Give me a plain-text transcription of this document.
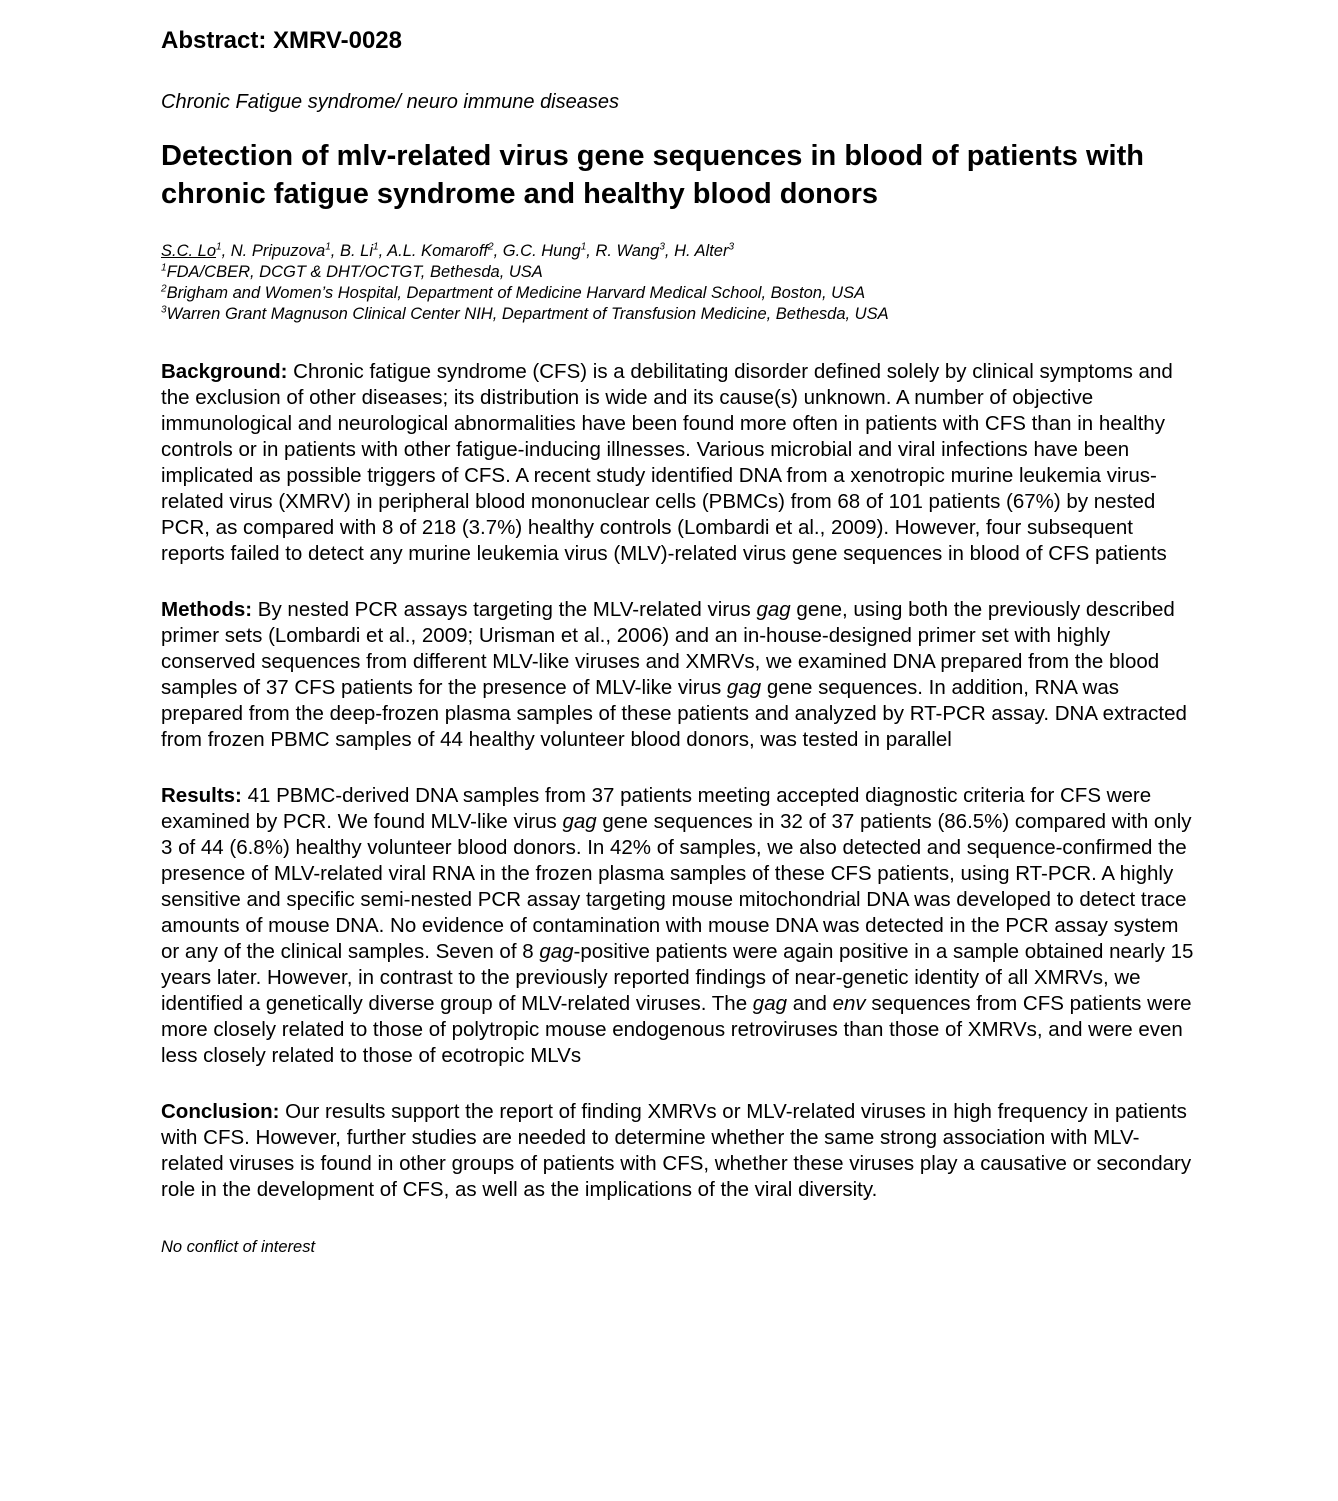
Abstract: XMRV-0028
Chronic Fatigue syndrome/ neuro immune diseases
Detection of mlv-related virus gene sequences in blood of patients with chronic fatigue syndrome and healthy blood donors
S.C. Lo$^1$, N. Pripuzova$^1$, B. Li$^1$, A.L. Komaroff$^2$, G.C. Hung$^1$, R. Wang$^3$, H. Alter$^3$
$^1$FDA/CBER, DCGT & DHT/OCTGT, Bethesda, USA
$^2$Brigham and Women’s Hospital, Department of Medicine Harvard Medical School, Boston, USA
$^3$Warren Grant Magnuson Clinical Center NIH, Department of Transfusion Medicine, Bethesda, USA

Background: Chronic fatigue syndrome (CFS) is a debilitating disorder defined solely by clinical symptoms and the exclusion of other diseases; its distribution is wide and its cause(s) unknown. A number of objective immunological and neurological abnormalities have been found more often in patients with CFS than in healthy controls or in patients with other fatigue-inducing illnesses. Various microbial and viral infections have been implicated as possible triggers of CFS. A recent study identified DNA from a xenotropic murine leukemia virus-related virus (XMRV) in peripheral blood mononuclear cells (PBMCs) from 68 of 101 patients (67%) by nested PCR, as compared with 8 of 218 (3.7%) healthy controls (Lombardi et al., 2009). However, four subsequent reports failed to detect any murine leukemia virus (MLV)-related virus gene sequences in blood of CFS patients

Methods: By nested PCR assays targeting the MLV-related virus gag gene, using both the previously described primer sets (Lombardi et al., 2009; Urisman et al., 2006) and an in-house-designed primer set with highly conserved sequences from different MLV-like viruses and XMRVs, we examined DNA prepared from the blood samples of 37 CFS patients for the presence of MLV-like virus gag gene sequences. In addition, RNA was prepared from the deep-frozen plasma samples of these patients and analyzed by RT-PCR assay. DNA extracted from frozen PBMC samples of 44 healthy volunteer blood donors, was tested in parallel

Results: 41 PBMC-derived DNA samples from 37 patients meeting accepted diagnostic criteria for CFS were examined by PCR. We found MLV-like virus gag gene sequences in 32 of 37 patients (86.5%) compared with only 3 of 44 (6.8%) healthy volunteer blood donors. In 42% of samples, we also detected and sequence-confirmed the presence of MLV-related viral RNA in the frozen plasma samples of these CFS patients, using RT-PCR. A highly sensitive and specific semi-nested PCR assay targeting mouse mitochondrial DNA was developed to detect trace amounts of mouse DNA. No evidence of contamination with mouse DNA was detected in the PCR assay system or any of the clinical samples. Seven of 8 gag-positive patients were again positive in a sample obtained nearly 15 years later. However, in contrast to the previously reported findings of near-genetic identity of all XMRVs, we identified a genetically diverse group of MLV-related viruses. The gag and env sequences from CFS patients were more closely related to those of polytropic mouse endogenous retroviruses than those of XMRVs, and were even less closely related to those of ecotropic MLVs

Conclusion: Our results support the report of finding XMRVs or MLV-related viruses in high frequency in patients with CFS. However, further studies are needed to determine whether the same strong association with MLV-related viruses is found in other groups of patients with CFS, whether these viruses play a causative or secondary role in the development of CFS, as well as the implications of the viral diversity.

No conflict of interest
